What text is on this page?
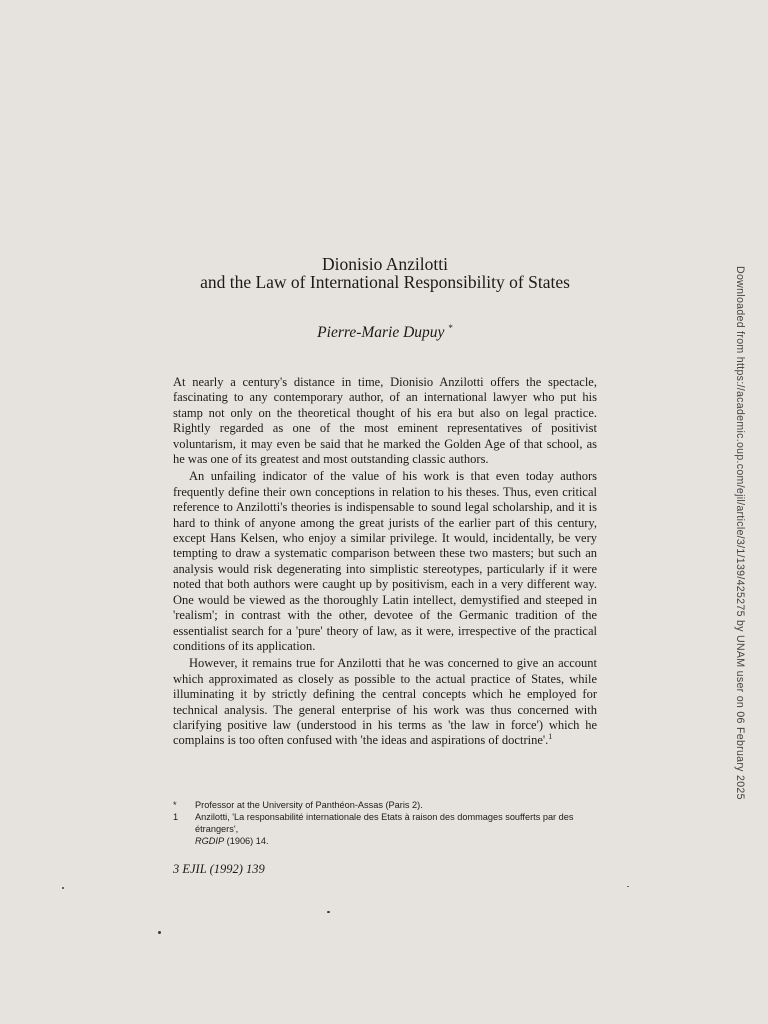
Dionisio Anzilotti
and the Law of International Responsibility of States

Pierre-Marie Dupuy *

At nearly a century's distance in time, Dionisio Anzilotti offers the spectacle, fascinating to any contemporary author, of an international lawyer who put his stamp not only on the theoretical thought of his era but also on legal practice. Rightly regarded as one of the most eminent representatives of positivist voluntarism, it may even be said that he marked the Golden Age of that school, as he was one of its greatest and most outstanding classic authors.

An unfailing indicator of the value of his work is that even today authors frequently define their own conceptions in relation to his theses. Thus, even critical reference to Anzilotti's theories is indispensable to sound legal scholarship, and it is hard to think of anyone among the great jurists of the earlier part of this century, except Hans Kelsen, who enjoy a similar privilege. It would, incidentally, be very tempting to draw a systematic comparison between these two masters; but such an analysis would risk degenerating into simplistic stereotypes, particularly if it were noted that both authors were caught up by positivism, each in a very different way. One would be viewed as the thoroughly Latin intellect, demystified and steeped in 'realism'; in contrast with the other, devotee of the Germanic tradition of the essentialist search for a 'pure' theory of law, as it were, irrespective of the practical conditions of its application.

However, it remains true for Anzilotti that he was concerned to give an account which approximated as closely as possible to the actual practice of States, while illuminating it by strictly defining the central concepts which he employed for technical analysis. The general enterprise of his work was thus concerned with clarifying positive law (understood in his terms as 'the law in force') which he complains is too often confused with 'the ideas and aspirations of doctrine'.$^1$

* Professor at the University of Panthéon-Assas (Paris 2).
1 Anzilotti, 'La responsabilité internationale des Etats à raison des dommages soufferts par des étrangers',
RGDIP (1906) 14.

3 EJIL (1992) 139

Downloaded from https://academic.oup.com/ejil/article/3/1/139/425275 by UNAM user on 06 February 2025
